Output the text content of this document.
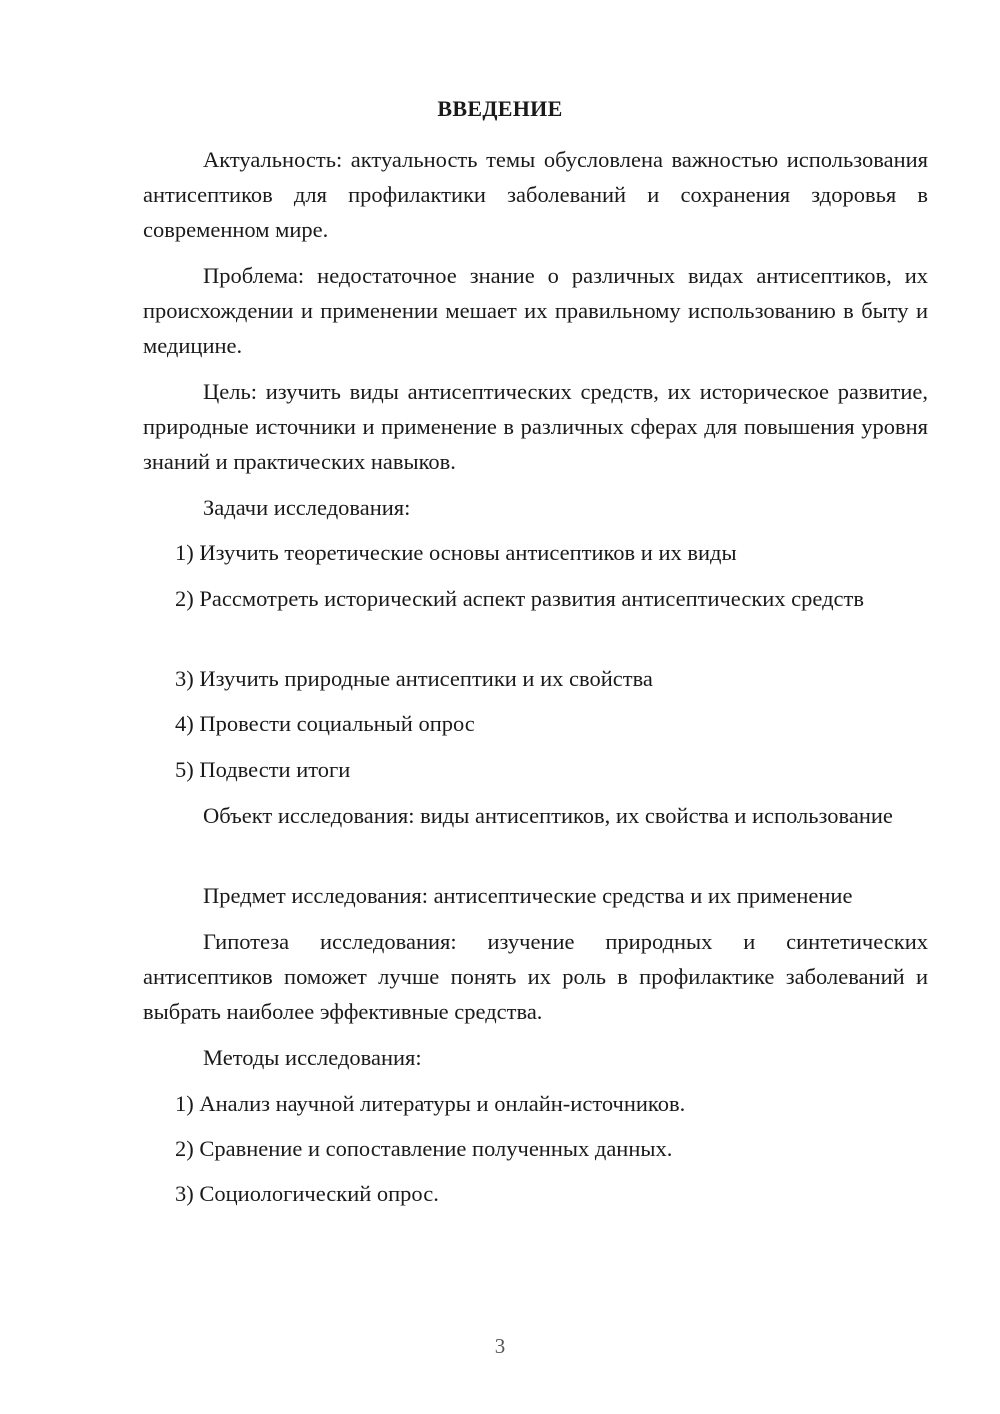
ВВЕДЕНИЕ

Актуальность: актуальность темы обусловлена важностью использования антисептиков для профилактики заболеваний и сохранения здоровья в современном мире.

Проблема: недостаточное знание о различных видах антисептиков, их происхождении и применении мешает их правильному использованию в быту и медицине.

Цель: изучить виды антисептических средств, их историческое развитие, природные источники и применение в различных сферах для повышения уровня знаний и практических навыков.

Задачи исследования:

1) Изучить теоретические основы антисептиков и их виды

2) Рассмотреть исторический аспект развития антисептических средств

3) Изучить природные антисептики и их свойства

4) Провести социальный опрос

5) Подвести итоги

Объект исследования: виды антисептиков, их свойства и использование

Предмет исследования: антисептические средства и их применение

Гипотеза исследования: изучение природных и синтетических антисептиков поможет лучше понять их роль в профилактике заболеваний и выбрать наиболее эффективные средства.

Методы исследования:

1) Анализ научной литературы и онлайн-источников.

2) Сравнение и сопоставление полученных данных.

3) Социологический опрос.

3
